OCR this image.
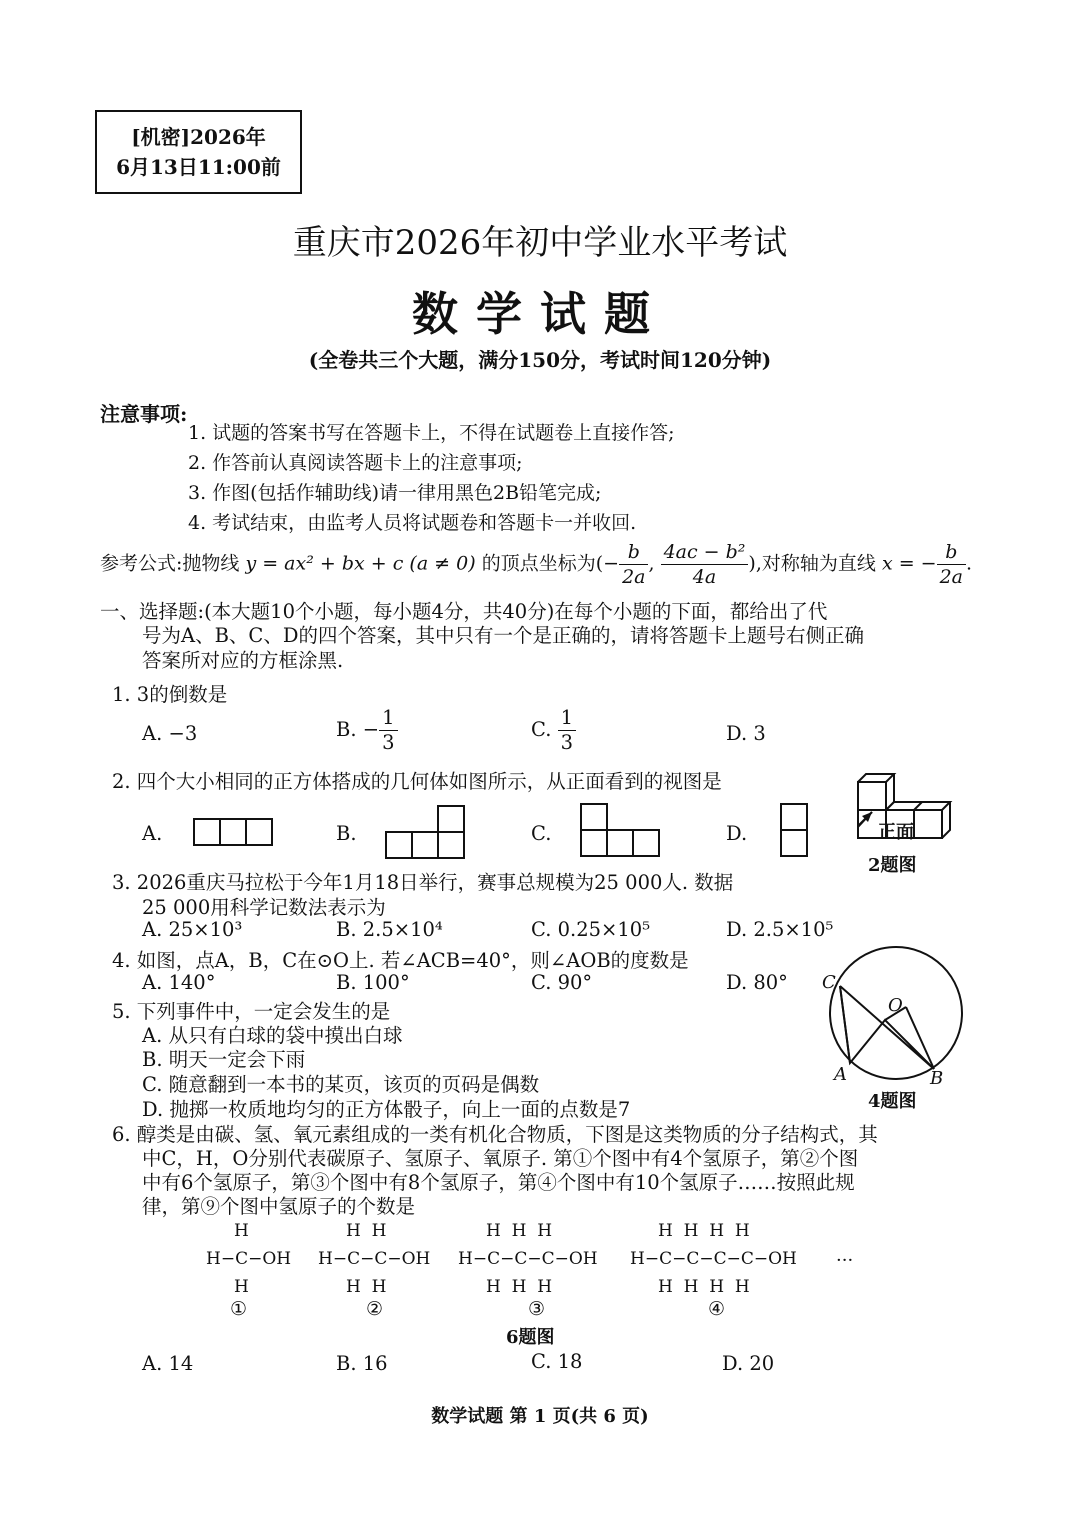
[机密]2026年
6月13日11:00前
重庆市2026年初中学业水平考试
数学试题
(全卷共三个大题，满分150分，考试时间120分钟)
注意事项:
1. 试题的答案书写在答题卡上，不得在试题卷上直接作答;
2. 作答前认真阅读答题卡上的注意事项;
3. 作图(包括作辅助线)请一律用黑色2B铅笔完成;
4. 考试结束，由监考人员将试题卷和答题卡一并收回.
参考公式:抛物线 y = ax² + bx + c (a ≠ 0) 的顶点坐标为(− $\frac{b}{2a}$ , $\frac{\text{4ac − b²}}{4a}$ ),对称轴为直线 x = − $\frac{b}{2a}$ .
一、选择题:(本大题10个小题，每小题4分，共40分)在每个小题的下面，都给出了代
号为A、B、C、D的四个答案，其中只有一个是正确的，请将答题卡上题号右侧正确
答案所对应的方框涂黑.
1. 3的倒数是
A. −3	B. − $\frac{1}{3}$	C. $\frac{1}{3}$	D. 3
2. 四个大小相同的正方体搭成的几何体如图所示，从正面看到的视图是
A.	B.	C.	D.	正面
2题图
3. 2026重庆马拉松于今年1月18日举行，赛事总规模为25 000人. 数据
25 000用科学记数法表示为
A. 25×10³	B. 2.5×10⁴	C. 0.25×10⁵	D. 2.5×10⁵
4. 如图，点A，B，C在⊙O上. 若∠ACB=40°，则∠AOB的度数是
A. 140°	B. 100°	C. 90°	D. 80° C
O
A	B
4题图
5. 下列事件中，一定会发生的是
A. 从只有白球的袋中摸出白球
B. 明天一定会下雨
C. 随意翻到一本书的某页，该页的页码是偶数
D. 抛掷一枚质地均匀的正方体骰子，向上一面的点数是7
6. 醇类是由碳、氢、氧元素组成的一类有机化合物质，下图是这类物质的分子结构式，其
中C，H，O分别代表碳原子、氢原子、氧原子. 第①个图中有4个氢原子，第②个图
中有6个氢原子，第③个图中有8个氢原子，第④个图中有10个氢原子……按照此规
律，第⑨个图中氢原子的个数是
H
H−C−OH
H
①
H  H
H−C−C−OH
H  H
②
H  H  H
H−C−C−C−OH
H  H  H
③
H  H  H  H
H−C−C−C−C−OH
H  H  H  H
④
···
6题图
A. 14	B. 16	C. 18	D. 20
数学试题 第 1 页(共 6 页)
